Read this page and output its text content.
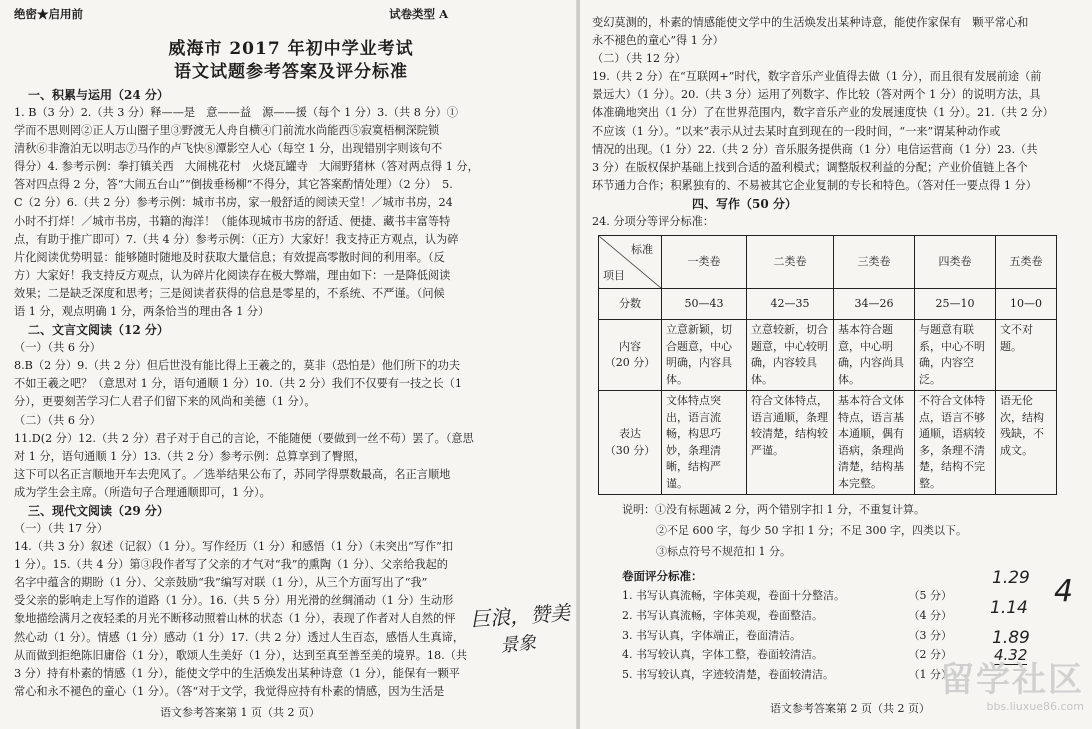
绝密★启用前	试卷类型 A
威海市 2017 年初中学业考试
语文试题参考答案及评分标准
一、积累与运用（24 分）

1. B（3 分）2.（共 3 分）释——是　意——益　源——援（每个 1 分）3.（共 8 分）①

学而不思则罔②正人万山圈子里③野渡无人舟自横④门前流水尚能西⑤寂寞梧桐深院锁

清秋⑥非澹泊无以明志⑦马作的卢飞快⑧潭影空人心（每空 1 分，出现错别字则该句不

得分）4. 参考示例：拳打镇关西　大闹桃花村　火烧瓦罐寺　大闹野猪林（答对两点得 1 分，

答对四点得 2 分，答“大闹五台山”“倒拔垂杨柳”不得分，其它答案酌情处理）（2 分）　5.

C（2 分）6.（共 2 分）参考示例：城市书房，家一般舒适的阅读天堂！／城市书房，24

小时不打烊！／城市书房，书籍的海洋！（能体现城市书房的舒适、便捷、藏书丰富等特

点，有助于推广即可）7.（共 4 分）参考示例：（正方）大家好！我支持正方观点，认为碎

片化阅读优势明显：能够随时随地及时获取大量信息；有效提高零散时间的利用率。（反

方）大家好！我支持反方观点，认为碎片化阅读存在极大弊端，理由如下：一是降低阅读

效果；二是缺乏深度和思考；三是阅读者获得的信息是零星的，不系统、不严谨。（问候

语 1 分，观点明确 1 分，两条恰当的理由各 1 分）

二、文言文阅读（12 分）

（一）（共 6 分）

8.B（2 分）9.（共 2 分）但后世没有能比得上王羲之的，莫非（恐怕是）他们所下的功夫

不如王羲之吧？（意思对 1 分，语句通顺 1 分）10.（共 2 分）我们不仅要有一技之长（1

分），更要刻苦学习仁人君子们留下来的风尚和美德（1 分）。

（二）（共 6 分）

11.D(2 分）12.（共 2 分）君子对于自己的言论，不能随便（要做到一丝不苟）罢了。（意思

对 1 分，语句通顺 1 分）13.（共 2 分）参考示例：总算享到了臀照，

这下可以名正言顺地开车去兜风了。／选举结果公布了，苏同学得票数最高，名正言顺地

成为学生会主席。（所造句子合理通顺即可，1 分）。

三、现代文阅读（29 分）

（一）（共 17 分）

14.（共 3 分）叙述（记叙）（1 分）。写作经历（1 分）和感悟（1 分）（未突出“写作”扣

1 分）。15.（共 4 分）第③段作者写了父亲的才气对“我”的熏陶（1 分）、父亲给我起的

名字中蕴含的期盼（1 分）、父亲鼓励“我”编写对联（1 分），从三个方面写出了“我”

受父亲的影响走上写作的道路（1 分）。16.（共 5 分）用光滑的丝绸涌动（1 分）生动形

象地描绘满月之夜轻柔的月光不断移动照着山林的状态（1 分），表现了作者对人自然的怦

然心动（1 分）。情感（1 分）感动（1 分）17.（共 2 分）透过人生百态，感悟人生真谛，

从而做到拒绝陈旧庸俗（1 分），歌颂人生美好（1 分），达到至真至善至美的境界。18.（共

3 分）持有朴素的情感（1 分），能使文学中的生活焕发出某种诗意（1 分），能保有一颗平

常心和永不褪色的童心（1 分）。（答“对于文学，我觉得应持有朴素的情感，因为生活是

语文参考答案第 1 页（共 2 页）
巨浪，赞美
景象

变幻莫测的，朴素的情感能使文学中的生活焕发出某种诗意，能使作家保有　颗平常心和

永不褪色的童心”得 1 分）

（二）（共 12 分）

19.（共 2 分）在“互联网+”时代，数字音乐产业值得去做（1 分），而且很有发展前途（前

景远大）（1 分）。20.（共 3 分）运用了列数字、作比较（答对两个 1 分）的说明方法，具

体准确地突出（1 分）了在世界范围内，数字音乐产业的发展速度快（1 分）。21.（共 2 分）

不应该（1 分）。“以来”表示从过去某时直到现在的一段时间，“一来”谓某种动作或

情况的出现。（1 分）22.（共 2 分）音乐服务提供商（1 分）电信运营商（1 分）23.（共

3 分）在版权保护基础上找到合适的盈利模式；调整版权利益的分配；产业价值链上各个

环节通力合作；积累独有的、不易被其它企业复制的专长和特色。（答对任一要点得 1 分）

四、写作（50 分）

24. 分项分等评分标准：

标准
项目	一类卷	二类卷	三类卷	四类卷	五类卷
分数	50—43	42—35	34—26	25—10	10—0

内容
（20 分）	立意新颖，切合题意，中心明确，内容具体。	立意较新，切合题意，中心较明确，内容较具体。	基本符合题意，中心明确，内容尚具体。	与题意有联系，中心不明确，内容空泛。	文不对题。

表达
（30 分）	文体特点突出，语言流畅，构思巧妙，条理清晰，结构严谨。	符合文体特点，语言通顺，条理较清楚，结构较严谨。	基本符合文体特点，语言基本通顺，偶有语病，条理尚清楚，结构基本完整。	不符合文体特点，语言不够通顺，语病较多，条理不清楚，结构不完整。	语无伦次，结构残缺，不成文。
说明：①没有标题减 2 分，两个错别字扣 1 分，不重复计算。
②不足 600 字，每少 50 字扣 1 分；不足 300 字，四类以下。
③标点符号不规范扣 1 分。
卷面评分标准：
1. 书写认真流畅，字体美观，卷面十分整洁。	（5 分）
2. 书写认真流畅，字体美观，卷面整洁。	（4 分）
3. 书写认真，字体端正，卷面清洁。	（3 分）
4. 书写较认真，字体工整，卷面较清洁。	（2 分）
5. 书写较认真，字迹较清楚，卷面较清洁。	（1 分）
语文参考答案第 2 页（共 2 页）
1.29
1.14
1.89
4.32
4
留学社区
bbs.liuxue86.com
